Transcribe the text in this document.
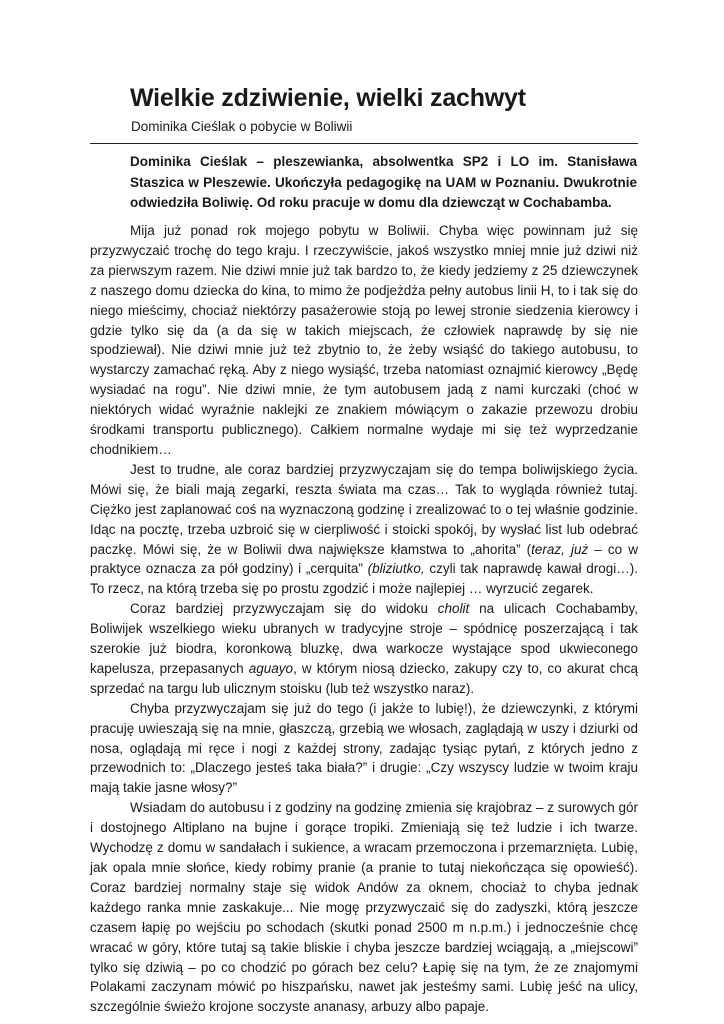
Wielkie zdziwienie, wielki zachwyt

Dominika Cieślak o pobycie w Boliwii

Dominika Cieślak – pleszewianka, absolwentka SP2 i LO im. Stanisława Staszica w Pleszewie. Ukończyła pedagogikę na UAM w Poznaniu. Dwukrotnie odwiedziła Boliwię. Od roku pracuje w domu dla dziewcząt w Cochabamba.

Mija już ponad rok mojego pobytu w Boliwii. Chyba więc powinnam już się przyzwyczaić trochę do tego kraju. I rzeczywiście, jakoś wszystko mniej mnie już dziwi niż za pierwszym razem. Nie dziwi mnie już tak bardzo to, że kiedy jedziemy z 25 dziewczynek z naszego domu dziecka do kina, to mimo że podjeżdża pełny autobus linii H, to i tak się do niego mieścimy, chociaż niektórzy pasażerowie stoją po lewej stronie siedzenia kierowcy i gdzie tylko się da (a da się w takich miejscach, że człowiek naprawdę by się nie spodziewał). Nie dziwi mnie już też zbytnio to, że żeby wsiąść do takiego autobusu, to wystarczy zamachać ręką. Aby z niego wysiąść, trzeba natomiast oznajmić kierowcy „Będę wysiadać na rogu”. Nie dziwi mnie, że tym autobusem jadą z nami kurczaki (choć w niektórych widać wyraźnie naklejki ze znakiem mówiącym o zakazie przewozu drobiu środkami transportu publicznego). Całkiem normalne wydaje mi się też wyprzedzanie chodnikiem…

Jest to trudne, ale coraz bardziej przyzwyczajam się do tempa boliwijskiego życia. Mówi się, że biali mają zegarki, reszta świata ma czas… Tak to wygląda również tutaj. Ciężko jest zaplanować coś na wyznaczoną godzinę i zrealizować to o tej właśnie godzinie. Idąc na pocztę, trzeba uzbroić się w cierpliwość i stoicki spokój, by wysłać list lub odebrać paczkę. Mówi się, że w Boliwii dwa największe kłamstwa to „ahorita” (teraz, już – co w praktyce oznacza za pół godziny) i „cerquita” (bliziutko, czyli tak naprawdę kawał drogi…). To rzecz, na którą trzeba się po prostu zgodzić i może najlepiej … wyrzucić zegarek.

Coraz bardziej przyzwyczajam się do widoku cholit na ulicach Cochabamby, Boliwijek wszelkiego wieku ubranych w tradycyjne stroje – spódnicę poszerzającą i tak szerokie już biodra, koronkową bluzkę, dwa warkocze wystające spod ukwieconego kapelusza, przepasanych aguayo, w którym niosą dziecko, zakupy czy to, co akurat chcą sprzedać na targu lub ulicznym stoisku (lub też wszystko naraz).

Chyba przyzwyczajam się już do tego (i jakże to lubię!), że dziewczynki, z którymi pracuję uwieszają się na mnie, głaszczą, grzebią we włosach, zaglądają w uszy i dziurki od nosa, oglądają mi ręce i nogi z każdej strony, zadając tysiąc pytań, z których jedno z przewodnich to: „Dlaczego jesteś taka biała?” i drugie: „Czy wszyscy ludzie w twoim kraju mają takie jasne włosy?”

Wsiadam do autobusu i z godziny na godzinę zmienia się krajobraz – z surowych gór i dostojnego Altiplano na bujne i gorące tropiki. Zmieniają się też ludzie i ich twarze. Wychodzę z domu w sandałach i sukience, a wracam przemoczona i przemarznięta. Lubię, jak opala mnie słońce, kiedy robimy pranie (a pranie to tutaj niekończąca się opowieść). Coraz bardziej normalny staje się widok Andów za oknem, chociaż to chyba jednak każdego ranka mnie zaskakuje... Nie mogę przyzwyczaić się do zadyszki, którą jeszcze czasem łapię po wejściu po schodach (skutki ponad 2500 m n.p.m.) i jednocześnie chcę wracać w góry, które tutaj są takie bliskie i chyba jeszcze bardziej wciągają, a „miejscowi” tylko się dziwią – po co chodzić po górach bez celu? Łapię się na tym, że ze znajomymi Polakami zaczynam mówić po hiszpańsku, nawet jak jesteśmy sami. Lubię jeść na ulicy, szczególnie świeżo krojone soczyste ananasy, arbuzy albo papaje.
